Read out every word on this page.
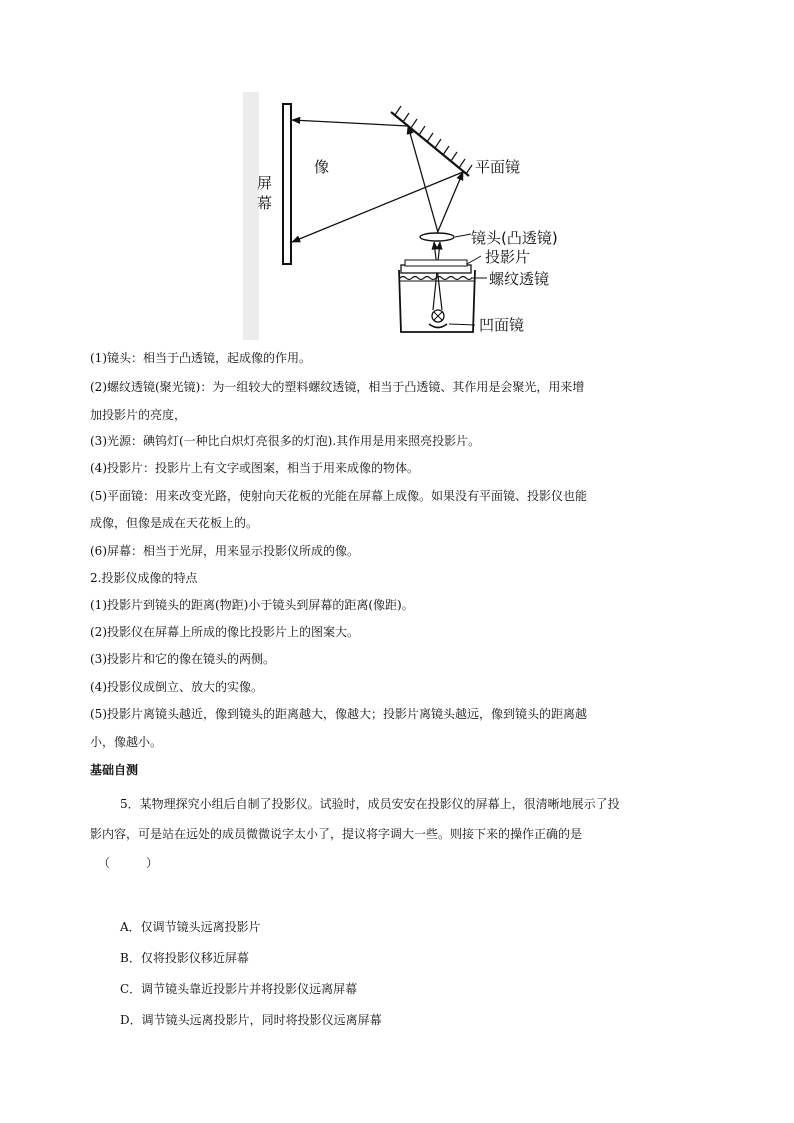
屏
幕
像	平面镜
镜头(凸透镜)
投影片
螺纹透镜
凹面镜
(1)镜头：相当于凸透镜，起成像的作用。
(2)螺纹透镜(聚光镜)：为一组较大的塑料螺纹透镜，相当于凸透镜、其作用是会聚光，用来增
加投影片的亮度，
(3)光源：碘钨灯(一种比白炽灯亮很多的灯泡).其作用是用来照亮投影片。
(4)投影片：投影片上有文字或图案，相当于用来成像的物体。
(5)平面镜：用来改变光路，使射向天花板的光能在屏幕上成像。如果没有平面镜、投影仪也能
成像，但像是成在天花板上的。
(6)屏幕：相当于光屏，用来显示投影仪所成的像。
2.投影仪成像的特点
(1)投影片到镜头的距离(物距)小于镜头到屏幕的距离(像距)。
(2)投影仪在屏幕上所成的像比投影片上的图案大。
(3)投影片和它的像在镜头的两侧。
(4)投影仪成倒立、放大的实像。
(5)投影片离镜头越近，像到镜头的距离越大，像越大；投影片离镜头越远，像到镜头的距离越
小，像越小。
基础自测
5．某物理探究小组后自制了投影仪。试验时，成员安安在投影仪的屏幕上，很清晰地展示了投
影内容，可是站在远处的成员微微说字太小了，提议将字调大一些。则接下来的操作正确的是
（　　　）
A．仅调节镜头远离投影片
B．仅将投影仪移近屏幕
C．调节镜头靠近投影片并将投影仪远离屏幕
D．调节镜头远离投影片，同时将投影仪远离屏幕
